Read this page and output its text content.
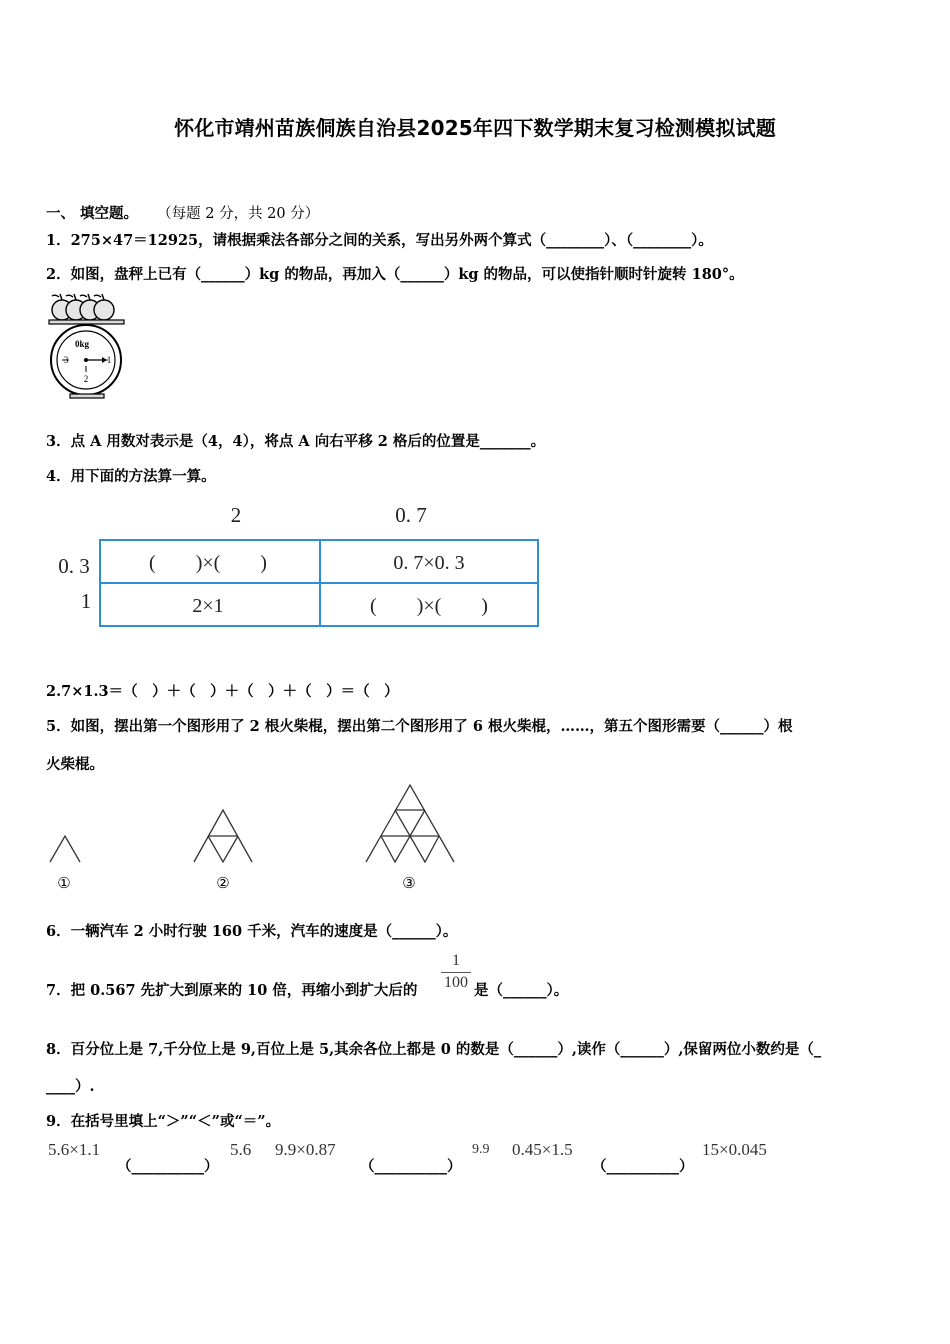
怀化市靖州苗族侗族自治县2025年四下数学期末复习检测模拟试题
一、 填空题。 （每题 2 分，共 20 分）
1．275×47＝12925，请根据乘法各部分之间的关系，写出另外两个算式（________）、（________）。
2．如图，盘秤上已有（______）kg 的物品，再加入（______）kg 的物品，可以使指针顺时针旋转 180°。
0kg
3	1
2
3．点 A 用数对表示是（4，4），将点 A 向右平移 2 格后的位置是_______。
4．用下面的方法算一算。
2	0. 7
0. 3
1
(　　)×(　　)	0. 7×0. 3
2×1	(　　)×(　　)
2.7×1.3＝（　）＋（　）＋（　）＋（　）＝（　）
5．如图，摆出第一个图形用了 2 根火柴棍，摆出第二个图形用了 6 根火柴棍，……，第五个图形需要（______）根
火柴棍。
①	②	③
6．一辆汽车 2 小时行驶 160 千米，汽车的速度是（______）。
7．把 0.567 先扩大到原来的 10 倍，再缩小到扩大后的
1
100 是（______）。
8．百分位上是 7,千分位上是 9,百位上是 5,其余各位上都是 0 的数是（______）,读作（______）,保留两位小数约是（_
____）.
9．在括号里填上“＞”“＜”或“＝”。
5.6×1.1
（__________）
5.6 9.9×0.87
（__________）
9.9 0.45×1.5
（__________）
15×0.045
